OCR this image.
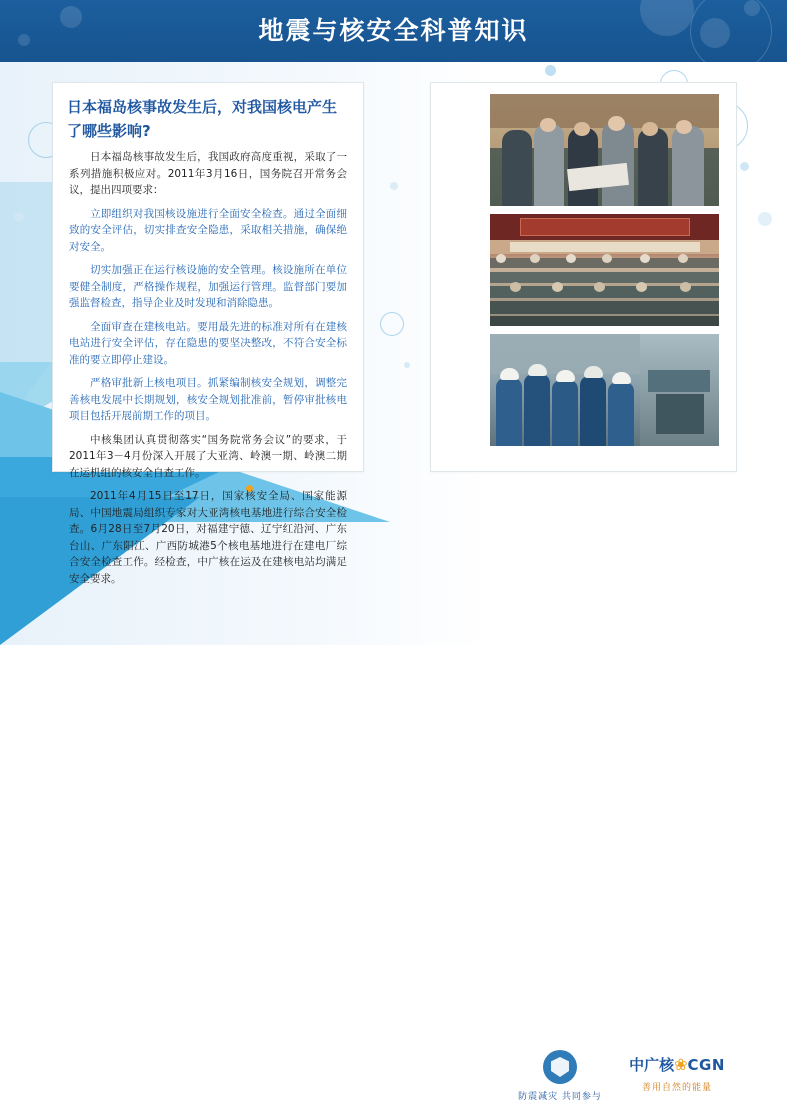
地震与核安全科普知识
日本福岛核事故发生后，对我国核电产生了哪些影响?

日本福岛核事故发生后，我国政府高度重视，采取了一系列措施积极应对。2011年3月16日，国务院召开常务会议，提出四项要求：

立即组织对我国核设施进行全面安全检查。通过全面细致的安全评估，切实排查安全隐患，采取相关措施，确保绝对安全。

切实加强正在运行核设施的安全管理。核设施所在单位要健全制度，严格操作规程，加强运行管理。监督部门要加强监督检查，指导企业及时发现和消除隐患。

全面审查在建核电站。要用最先进的标准对所有在建核电站进行安全评估，存在隐患的要坚决整改，不符合安全标准的要立即停止建设。

严格审批新上核电项目。抓紧编制核安全规划，调整完善核电发展中长期规划，核安全规划批准前，暂停审批核电项目包括开展前期工作的项目。

中核集团认真贯彻落实“国务院常务会议”的要求，于2011年3－4月份深入开展了大亚湾、岭澳一期、岭澳二期在运机组的核安全自查工作。

2011年4月15日至17日，国家核安全局、国家能源局、中国地震局组织专家对大亚湾核电基地进行综合安全检查。6月28日至7月20日，对福建宁德、辽宁红沿河、广东台山、广东阳江、广西防城港5个核电基地进行在建电厂综合安全检查工作。经检查，中广核在运及在建核电站均满足安全要求。

防震减灾 共同参与
中广核❀CGN
善用自然的能量
